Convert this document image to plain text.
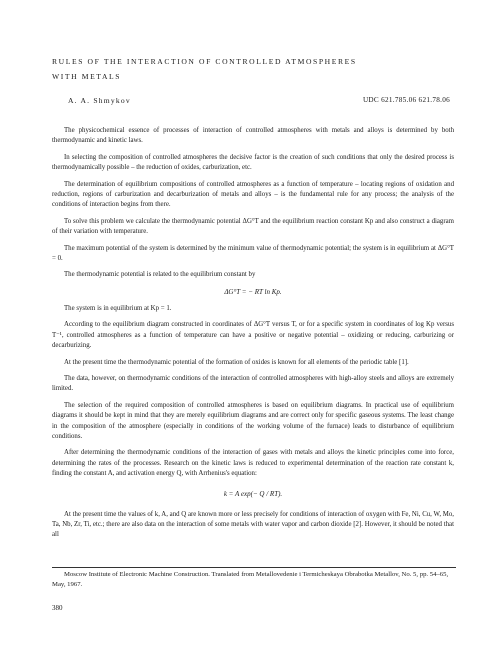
RULES OF THE INTERACTION OF CONTROLLED ATMOSPHERES
WITH METALS
A. A. Shmykov	UDC 621.785.06 621.78.06

The physicochemical essence of processes of interaction of controlled atmospheres with metals and alloys is determined by both thermodynamic and kinetic laws.

In selecting the composition of controlled atmospheres the decisive factor is the creation of such conditions that only the desired process is thermodynamically possible – the reduction of oxides, carburization, etc.

The determination of equilibrium compositions of controlled atmospheres as a function of temperature – locating regions of oxidation and reduction, regions of carburization and decarburization of metals and alloys – is the fundamental rule for any process; the analysis of the conditions of interaction begins from there.

To solve this problem we calculate the thermodynamic potential ΔG°T and the equilibrium reaction constant Kp and also construct a diagram of their variation with temperature.

The maximum potential of the system is determined by the minimum value of thermodynamic potential; the system is in equilibrium at ΔG°T = 0.

The thermodynamic potential is related to the equilibrium constant by

ΔG°T = − RT ln Kp.

The system is in equilibrium at Kp = 1.

According to the equilibrium diagram constructed in coordinates of ΔG°T versus T, or for a specific system in coordinates of log Kp versus T⁻¹, controlled atmospheres as a function of temperature can have a positive or negative potential – oxidizing or reducing, carburizing or decarburizing.

At the present time the thermodynamic potential of the formation of oxides is known for all elements of the periodic table [1].

The data, however, on thermodynamic conditions of the interaction of controlled atmospheres with high-alloy steels and alloys are extremely limited.

The selection of the required composition of controlled atmospheres is based on equilibrium diagrams. In practical use of equilibrium diagrams it should be kept in mind that they are merely equilibrium diagrams and are correct only for specific gaseous systems. The least change in the composition of the atmosphere (especially in conditions of the working volume of the furnace) leads to disturbance of equilibrium conditions.

After determining the thermodynamic conditions of the interaction of gases with metals and alloys the kinetic principles come into force, determining the rates of the processes. Research on the kinetic laws is reduced to experimental determination of the reaction rate constant k, finding the constant A, and activation energy Q, with Arrhenius's equation:

k = A exp(− Q / RT).

At the present time the values of k, A, and Q are known more or less precisely for conditions of interaction of oxygen with Fe, Ni, Cu, W, Mo, Ta, Nb, Zr, Ti, etc.; there are also data on the interaction of some metals with water vapor and carbon dioxide [2]. However, it should be noted that all

Moscow Institute of Electronic Machine Construction. Translated from Metallovedenie i Termicheskaya Obrabotka Metallov, No. 5, pp. 54–65, May, 1967.

380
